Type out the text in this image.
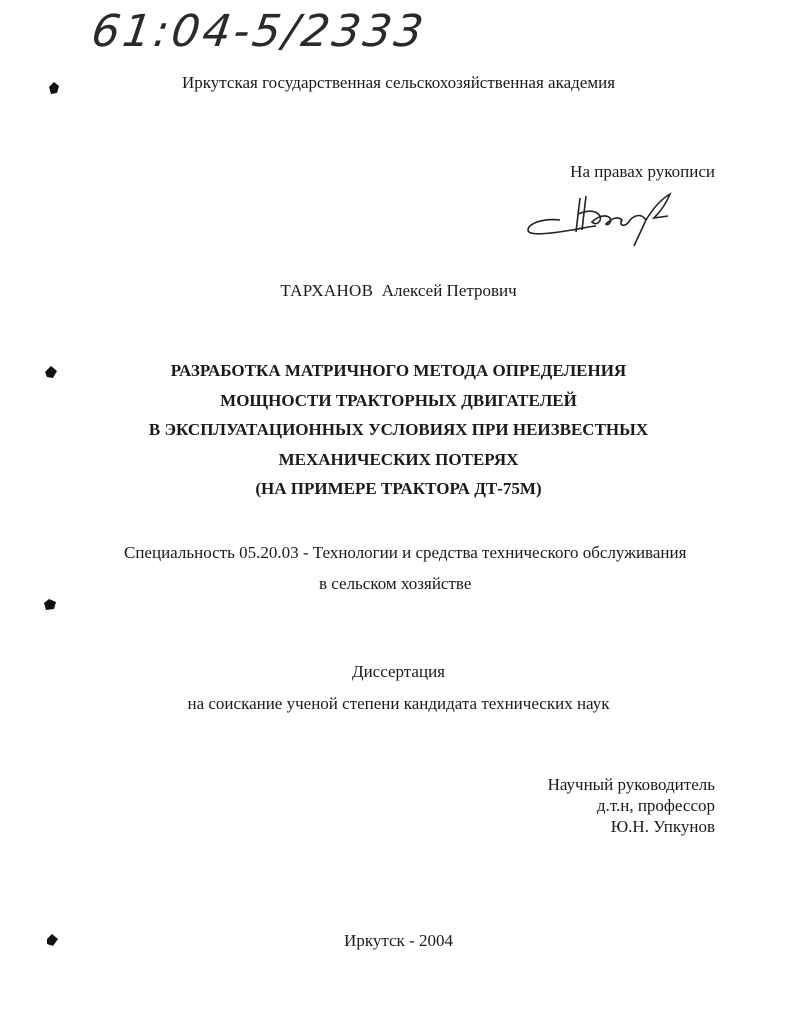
61:04-5/2333
Иркутская государственная сельскохозяйственная академия
На правах рукописи
ТАРХАНОВ Алексей Петрович
РАЗРАБОТКА МАТРИЧНОГО МЕТОДА ОПРЕДЕЛЕНИЯ
МОЩНОСТИ ТРАКТОРНЫХ ДВИГАТЕЛЕЙ
В ЭКСПЛУАТАЦИОННЫХ УСЛОВИЯХ ПРИ НЕИЗВЕСТНЫХ
МЕХАНИЧЕСКИХ ПОТЕРЯХ
(НА ПРИМЕРЕ ТРАКТОРА ДТ-75М)
Специальность 05.20.03 - Технологии и средства технического обслуживания
в сельском хозяйстве
Диссертация
на соискание ученой степени кандидата технических наук
Научный руководитель
д.т.н, профессор
Ю.Н. Упкунов
Иркутск - 2004
